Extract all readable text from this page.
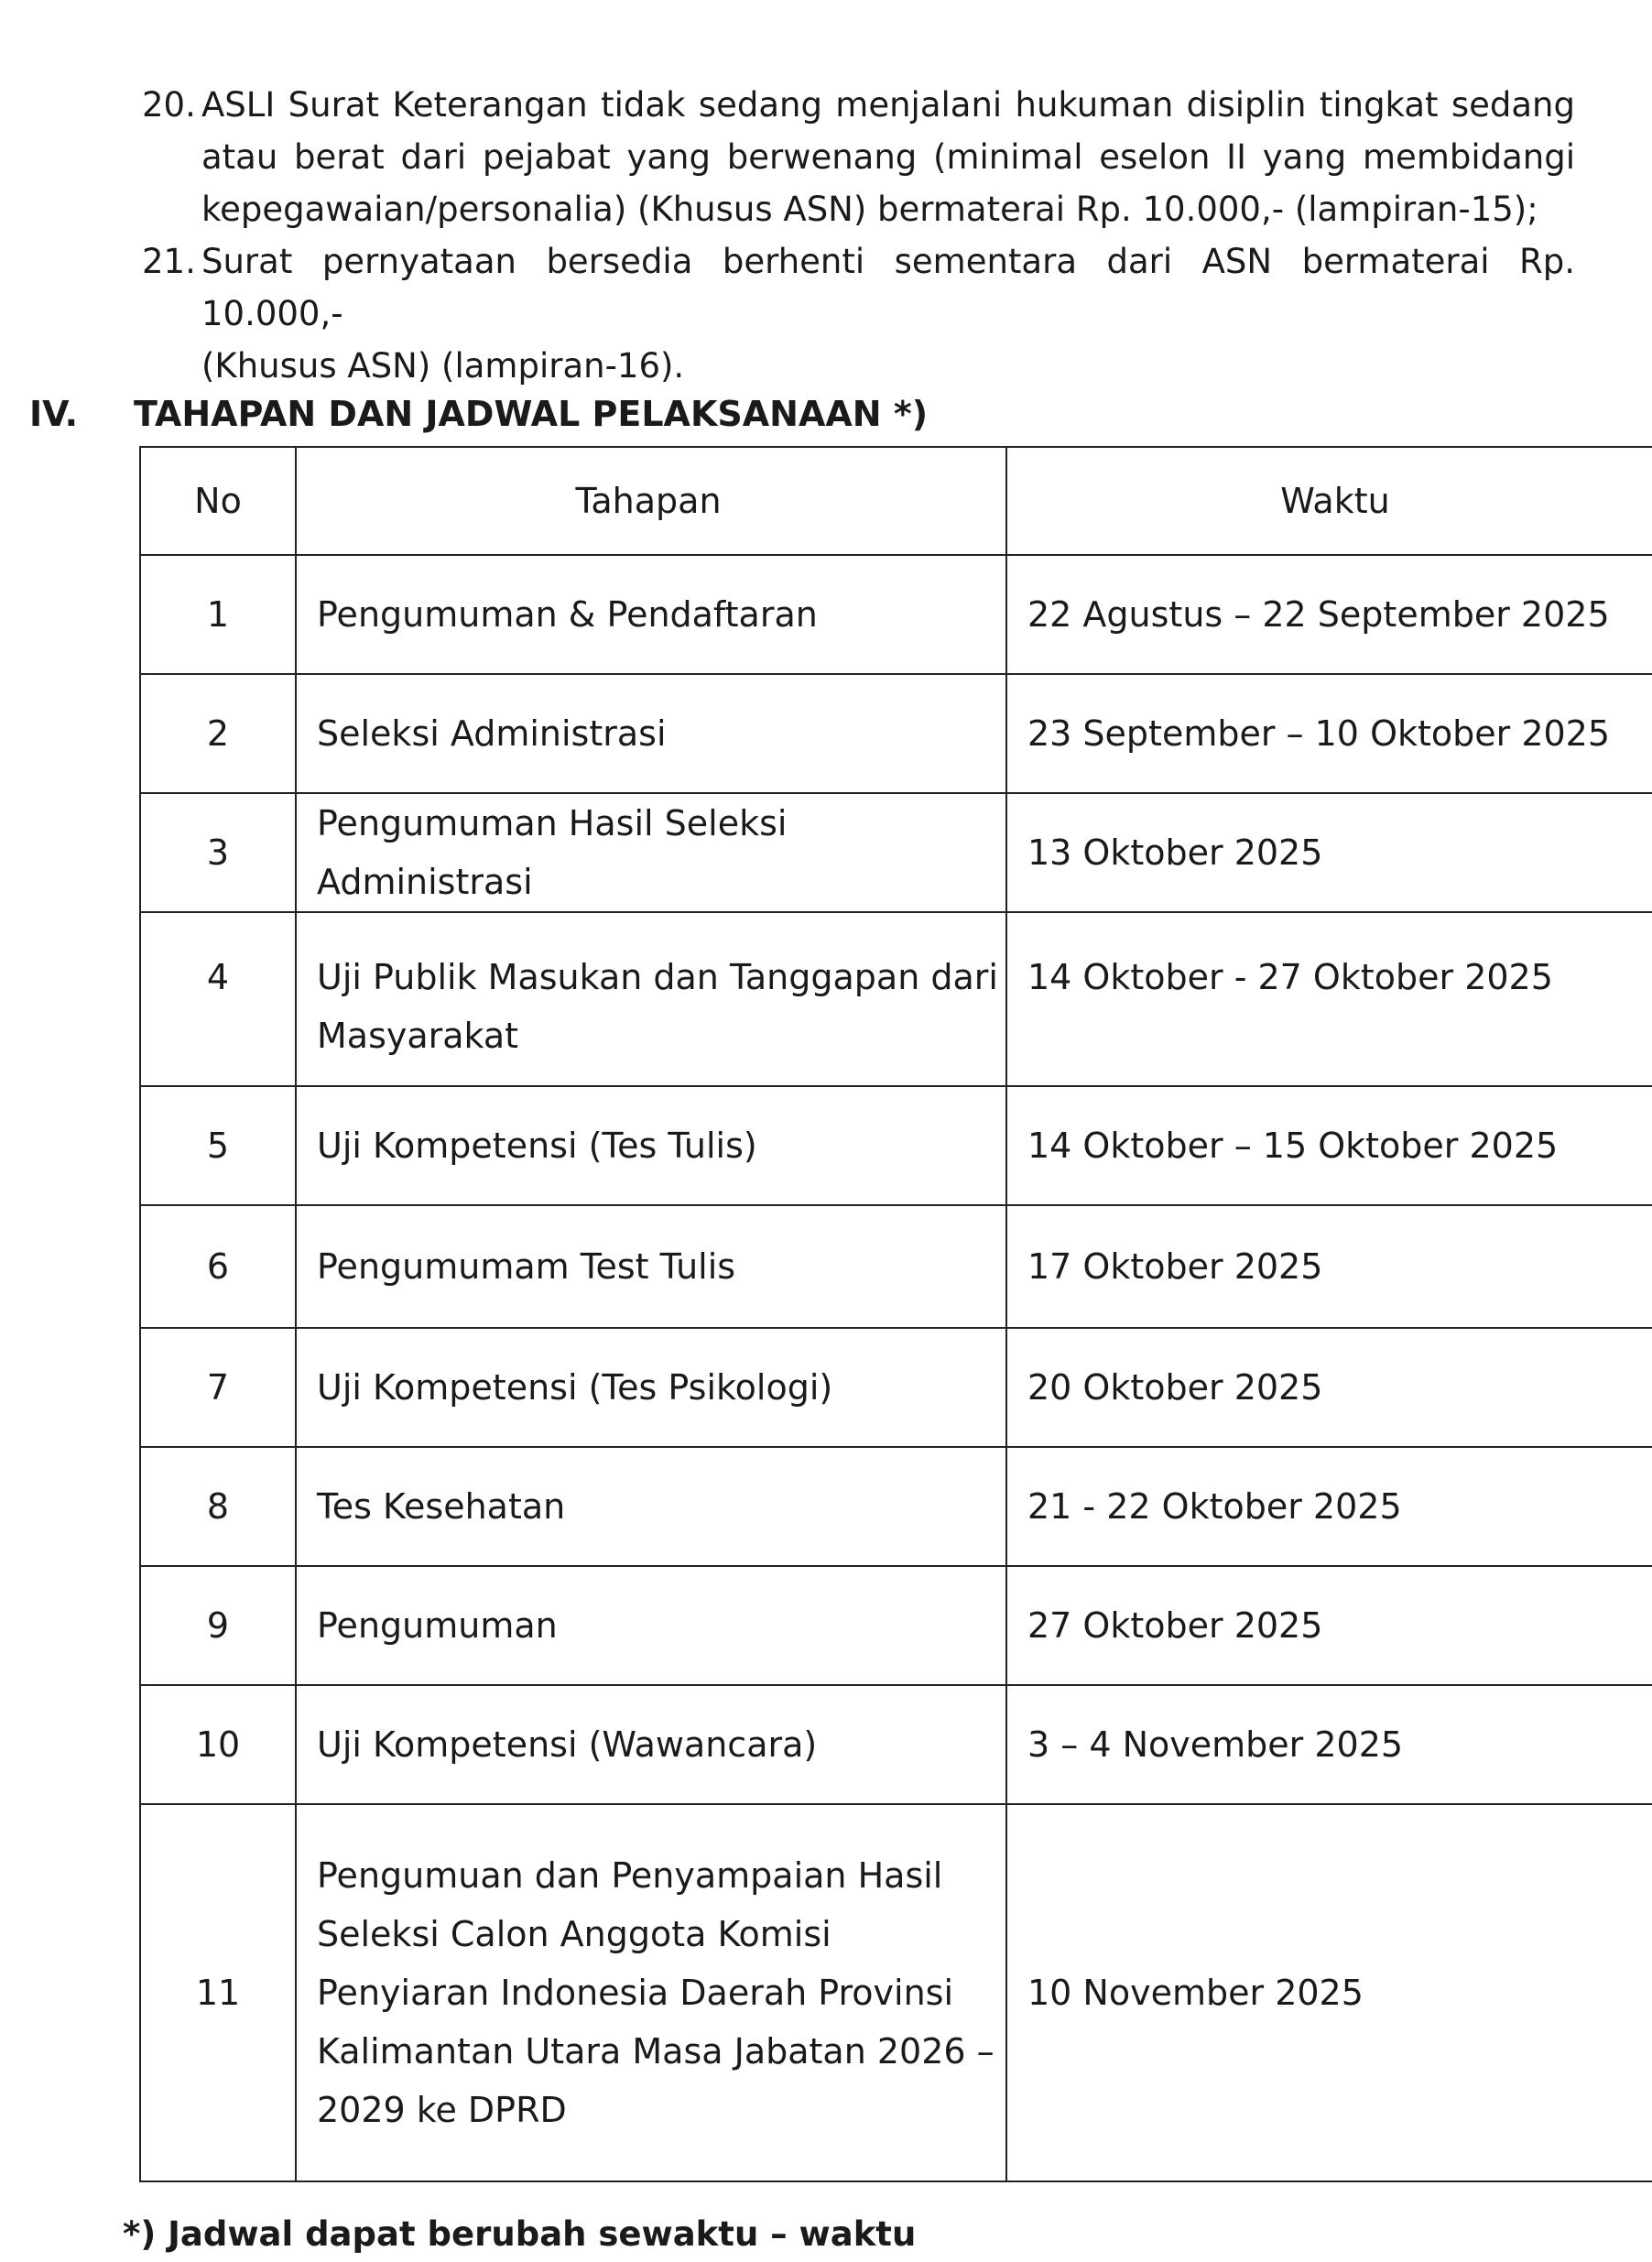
20. ASLI Surat Keterangan tidak sedang menjalani hukuman disiplin tingkat sedang
atau berat dari pejabat yang berwenang (minimal eselon II yang membidangi
kepegawaian/personalia) (Khusus ASN) bermaterai Rp. 10.000,- (lampiran-15);
21. Surat pernyataan bersedia berhenti sementara dari ASN bermaterai Rp. 10.000,-
(Khusus ASN) (lampiran-16).
IV. TAHAPAN DAN JADWAL PELAKSANAAN *)
No	Tahapan	Waktu
1	Pengumuman & Pendaftaran	22 Agustus – 22 September 2025
2	Seleksi Administrasi	23 September – 10 Oktober 2025
3	Pengumuman Hasil Seleksi Administrasi	13 Oktober 2025
4	Uji Publik Masukan dan Tanggapan dari Masyarakat	14 Oktober - 27 Oktober 2025
5	Uji Kompetensi (Tes Tulis)	14 Oktober – 15 Oktober 2025
6	Pengumumam Test Tulis	17 Oktober 2025
7	Uji Kompetensi (Tes Psikologi)	20 Oktober 2025
8	Tes Kesehatan	21 - 22 Oktober 2025
9	Pengumuman	27 Oktober 2025
10	Uji Kompetensi (Wawancara)	3 – 4 November 2025
11	Pengumuan dan Penyampaian Hasil Seleksi Calon Anggota Komisi Penyiaran Indonesia Daerah Provinsi Kalimantan Utara Masa Jabatan 2026 – 2029 ke DPRD	10 November 2025
*) Jadwal dapat berubah sewaktu – waktu
